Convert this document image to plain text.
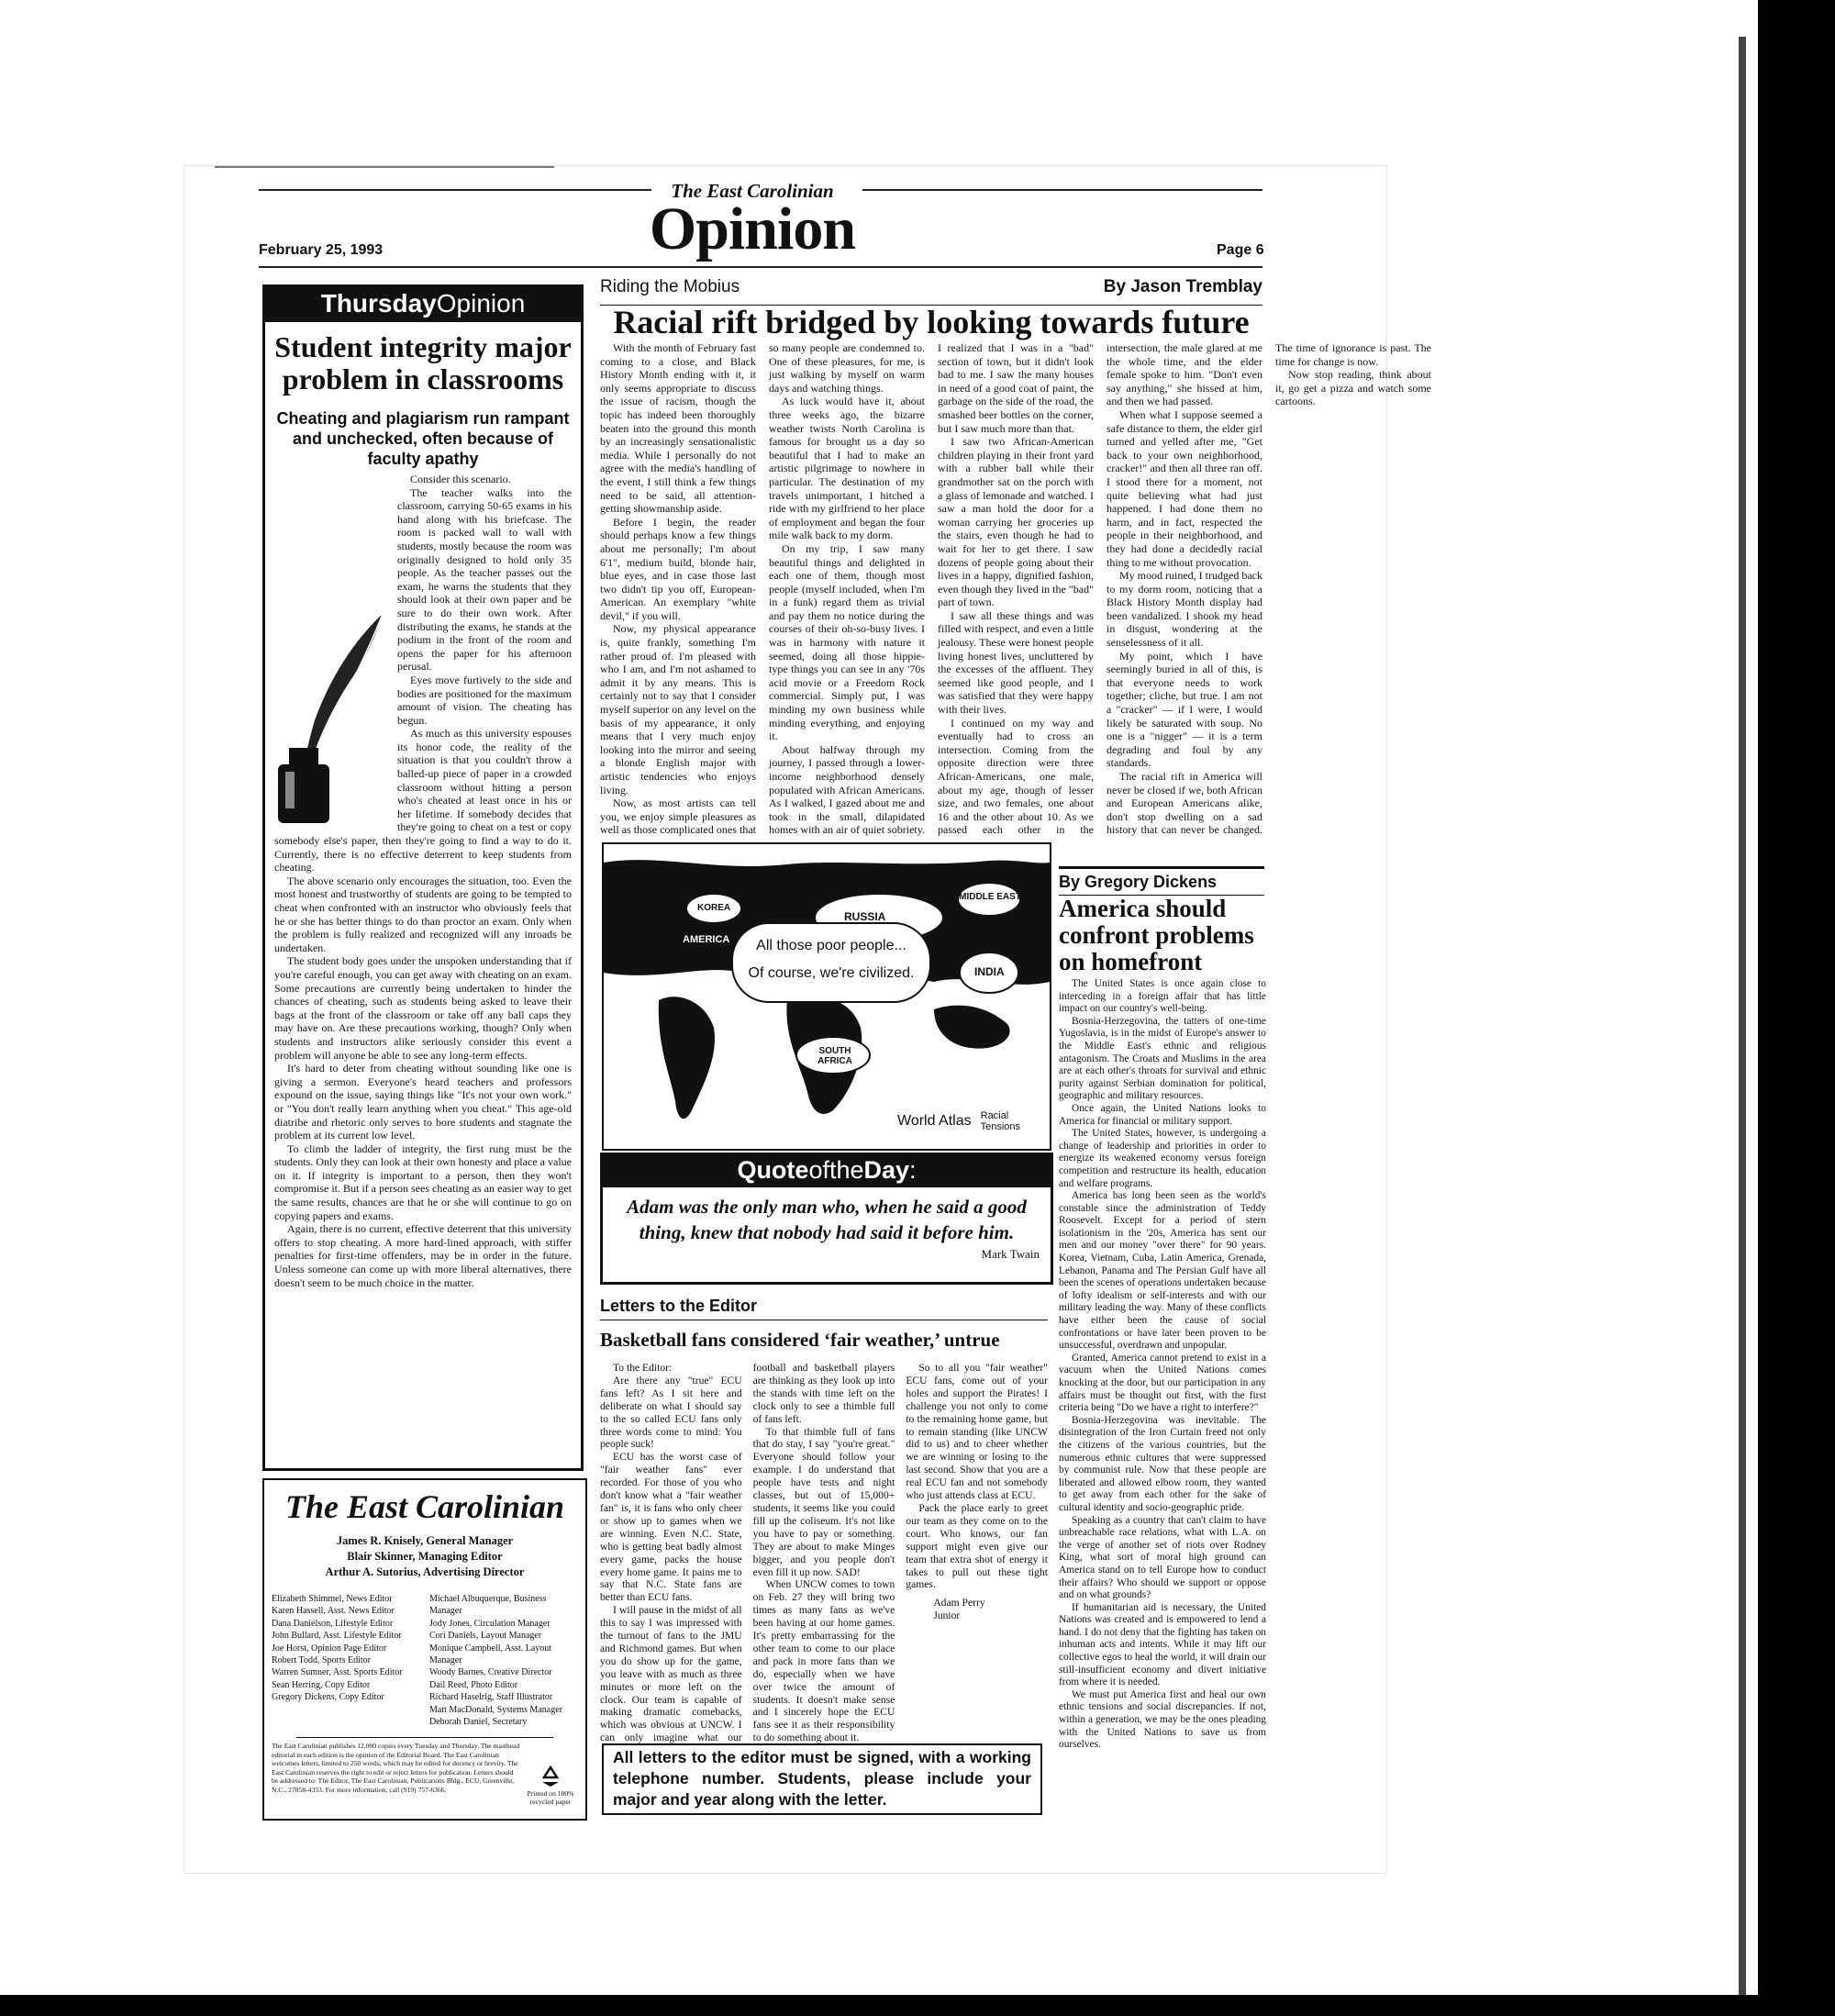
The East Carolinian
Opinion
February 25, 1993	Page 6
ThursdayOpinion
Student integrity major problem in classrooms
Cheating and plagiarism run rampant and unchecked, often because of faculty apathy

Consider this scenario.

The teacher walks into the classroom, carrying 50-65 exams in his hand along with his briefcase. The room is packed wall to wall with students, mostly because the room was originally designed to hold only 35 people. As the teacher passes out the exam, he warns the students that they should look at their own paper and be sure to do their own work. After distributing the exams, he stands at the podium in the front of the room and opens the paper for his afternoon perusal.

Eyes move furtively to the side and bodies are positioned for the maximum amount of vision. The cheating has begun.

As much as this university espouses its honor code, the reality of the situation is that you couldn't throw a balled-up piece of paper in a crowded classroom without hitting a person who's cheated at least once in his or her lifetime. If somebody decides that they're going to cheat on a test or copy somebody else's paper, then they're going to find a way to do it. Currently, there is no effective deterrent to keep students from cheating.

The above scenario only encourages the situation, too. Even the most honest and trustworthy of students are going to be tempted to cheat when confronted with an instructor who obviously feels that he or she has better things to do than proctor an exam. Only when the problem is fully realized and recognized will any inroads be undertaken.

The student body goes under the unspoken understanding that if you're careful enough, you can get away with cheating on an exam. Some precautions are currently being undertaken to hinder the chances of cheating, such as students being asked to leave their bags at the front of the classroom or take off any ball caps they may have on. Are these precautions working, though? Only when students and instructors alike seriously consider this event a problem will anyone be able to see any long-term effects.

It's hard to deter from cheating without sounding like one is giving a sermon. Everyone's heard teachers and professors expound on the issue, saying things like "It's not your own work." or "You don't really learn anything when you cheat." This age-old diatribe and rhetoric only serves to bore students and stagnate the problem at its current low level.

To climb the ladder of integrity, the first rung must be the students. Only they can look at their own honesty and place a value on it. If integrity is important to a person, then they won't compromise it. But if a person sees cheating as an easier way to get the same results, chances are that he or she will continue to go on copying papers and exams.

Again, there is no current, effective deterrent that this university offers to stop cheating. A more hard-lined approach, with stiffer penalties for first-time offenders, may be in order in the future. Unless someone can come up with more liberal alternatives, there doesn't seem to be much choice in the matter.

The East Carolinian
James R. Knisely, General Manager
Blair Skinner, Managing Editor
Arthur A. Sutorius, Advertising Director
Elizabeth Shimmel, News Editor
Karen Hassell, Asst. News Editor
Dana Danielson, Lifestyle Editor
John Bullard, Asst. Lifestyle Editor
Joe Horst, Opinion Page Editor
Robert Todd, Sports Editor
Warren Sumner, Asst. Sports Editor
Sean Herring, Copy Editor
Gregory Dickens, Copy Editor
Michael Albuquerque, Business Manager
Jody Jones, Circulation Manager
Cori Daniels, Layout Manager
Monique Campbell, Asst. Layout Manager
Woody Barnes, Creative Director
Dail Reed, Photo Editor
Richard Haselrig, Staff Illustrator
Matt MacDonald, Systems Manager
Deborah Daniel, Secretary
The East Carolinian publishes 12,000 copies every Tuesday and Thursday. The masthead editorial in each edition is the opinion of the Editorial Board. The East Carolinian welcomes letters, limited to 250 words, which may be edited for decency or brevity. The East Carolinian reserves the right to edit or reject letters for publication. Letters should be addressed to: The Editor, The East Carolinian, Publications Bldg., ECU, Greenville, N.C., 27858-4353. For more information, call (919) 757-6366.	Printed on 100% recycled paper
Riding the Mobius	By Jason Tremblay
Racial rift bridged by looking towards future

With the month of February fast coming to a close, and Black History Month ending with it, it only seems appropriate to discuss the issue of racism, though the topic has indeed been thoroughly beaten into the ground this month by an increasingly sensationalistic media. While I personally do not agree with the media's handling of the event, I still think a few things need to be said, all attention-getting showmanship aside.

Before I begin, the reader should perhaps know a few things about me personally; I'm about 6'1", medium build, blonde hair, blue eyes, and in case those last two didn't tip you off, European-American. An exemplary "white devil," if you will.

Now, my physical appearance is, quite frankly, something I'm rather proud of. I'm pleased with who I am, and I'm not ashamed to admit it by any means. This is certainly not to say that I consider myself superior on any level on the basis of my appearance, it only means that I very much enjoy looking into the mirror and seeing a blonde English major with artistic tendencies who enjoys living.

Now, as most artists can tell you, we enjoy simple pleasures as well as those complicated ones that so many people are condemned to. One of these pleasures, for me, is just walking by myself on warm days and watching things.

As luck would have it, about three weeks ago, the bizarre weather twists North Carolina is famous for brought us a day so beautiful that I had to make an artistic pilgrimage to nowhere in particular. The destination of my travels unimportant, I hitched a ride with my girlfriend to her place of employment and began the four mile walk back to my dorm.

On my trip, I saw many beautiful things and delighted in each one of them, though most people (myself included, when I'm in a funk) regard them as trivial and pay them no notice during the courses of their oh-so-busy lives. I was in harmony with nature it seemed, doing all those hippie-type things you can see in any '70s acid movie or a Freedom Rock commercial. Simply put, I was minding my own business while minding everything, and enjoying it.

About halfway through my journey, I passed through a lower-income neighborhood densely populated with African Americans. As I walked, I gazed about me and took in the small, dilapidated homes with an air of quiet sobriety. I realized that I was in a "bad" section of town, but it didn't look bad to me. I saw the many houses in need of a good coat of paint, the garbage on the side of the road, the smashed beer bottles on the corner, but I saw much more than that.

I saw two African-American children playing in their front yard with a rubber ball while their grandmother sat on the porch with a glass of lemonade and watched. I saw a man hold the door for a woman carrying her groceries up the stairs, even though he had to wait for her to get there. I saw dozens of people going about their lives in a happy, dignified fashion, even though they lived in the "bad" part of town.

I saw all these things and was filled with respect, and even a little jealousy. These were honest people living honest lives, uncluttered by the excesses of the affluent. They seemed like good people, and I was satisfied that they were happy with their lives.

I continued on my way and eventually had to cross an intersection. Coming from the opposite direction were three African-Americans, one male, about my age, though of lesser size, and two females, one about 16 and the other about 10. As we passed each other in the intersection, the male glared at me the whole time, and the elder female spoke to him. "Don't even say anything," she hissed at him, and then we had passed.

When what I suppose seemed a safe distance to them, the elder girl turned and yelled after me, "Get back to your own neighborhood, cracker!" and then all three ran off. I stood there for a moment, not quite believing what had just happened. I had done them no harm, and in fact, respected the people in their neighborhood, and they had done a decidedly racial thing to me without provocation.

My mood ruined, I trudged back to my dorm room, noticing that a Black History Month display had been vandalized. I shook my head in disgust, wondering at the senselessness of it all.

My point, which I have seemingly buried in all of this, is that everyone needs to work together; cliche, but true. I am not a "cracker" — if I were, I would likely be saturated with soup. No one is a "nigger" — it is a term degrading and foul by any standards.

The racial rift in America will never be closed if we, both African and European Americans alike, don't stop dwelling on a sad history that can never be changed. The time of ignorance is past. The time for change is now.

Now stop reading, think about it, go get a pizza and watch some cartoons.

AMERICA
KOREA
RUSSIA
MIDDLE EAST
INDIA
SOUTH AFRICA
All those poor people...
Of course, we're civilized.
World Atlas Racial Tensions
QuoteoftheDay:
Adam was the only man who, when he said a good thing, knew that nobody had said it before him.
Mark Twain
Letters to the Editor
Basketball fans considered ‘fair weather,’ untrue

To the Editor:

Are there any "true" ECU fans left? As I sit here and deliberate on what I should say to the so called ECU fans only three words come to mind: You people suck!

ECU has the worst case of "fair weather fans" ever recorded. For those of you who don't know what a "fair weather fan" is, it is fans who only cheer or show up to games when we are winning. Even N.C. State, who is getting beat badly almost every game, packs the house every home game. It pains me to say that N.C. State fans are better than ECU fans.

I will pause in the midst of all this to say I was impressed with the turnout of fans to the JMU and Richmond games. But when you do show up for the game, you leave with as much as three minutes or more left on the clock. Our team is capable of making dramatic comebacks, which was obvious at UNCW. I can only imagine what our football and basketball players are thinking as they look up into the stands with time left on the clock only to see a thimble full of fans left.

To that thimble full of fans that do stay, I say "you're great." Everyone should follow your example. I do understand that people have tests and night classes, but out of 15,000+ students, it seems like you could fill up the coliseum. It's not like you have to pay or something. They are about to make Minges bigger, and you people don't even fill it up now. SAD!

When UNCW comes to town on Feb. 27 they will bring two times as many fans as we've been having at our home games. It's pretty embarrassing for the other team to come to our place and pack in more fans than we do, especially when we have over twice the amount of students. It doesn't make sense and I sincerely hope the ECU fans see it as their responsibility to do something about it.

So to all you "fair weather" ECU fans, come out of your holes and support the Pirates! I challenge you not only to come to the remaining home game, but to remain standing (like UNCW did to us) and to cheer whether we are winning or losing to the last second. Show that you are a real ECU fan and not somebody who just attends class at ECU.

Pack the place early to greet our team as they come on to the court. Who knows, our fan support might even give our team that extra shot of energy it takes to pull out these tight games.

Adam Perry

Junior

All letters to the editor must be signed, with a working telephone number. Students, please include your major and year along with the letter.
By Gregory Dickens
America should confront problems on homefront

The United States is once again close to interceding in a foreign affair that has little impact on our country's well-being.

Bosnia-Herzegovina, the tatters of one-time Yugoslavia, is in the midst of Europe's answer to the Middle East's ethnic and religious antagonism. The Croats and Muslims in the area are at each other's throats for survival and ethnic purity against Serbian domination for political, geographic and military resources.

Once again, the United Nations looks to America for financial or military support.

The United States, however, is undergoing a change of leadership and priorities in order to energize its weakened economy versus foreign competition and restructure its health, education and welfare programs.

America has long been seen as the world's constable since the administration of Teddy Roosevelt. Except for a period of stern isolationism in the '20s, America has sent our men and our money "over there" for 90 years. Korea, Vietnam, Cuba, Latin America, Grenada, Lebanon, Panama and The Persian Gulf have all been the scenes of operations undertaken because of lofty idealism or self-interests and with our military leading the way. Many of these conflicts have either been the cause of social confrontations or have later been proven to be unsuccessful, overdrawn and unpopular.

Granted, America cannot pretend to exist in a vacuum when the United Nations comes knocking at the door, but our participation in any affairs must be thought out first, with the first criteria being "Do we have a right to interfere?"

Bosnia-Herzegovina was inevitable. The disintegration of the Iron Curtain freed not only the citizens of the various countries, but the numerous ethnic cultures that were suppressed by communist rule. Now that these people are liberated and allowed elbow room, they wanted to get away from each other for the sake of cultural identity and socio-geographic pride.

Speaking as a country that can't claim to have unbreachable race relations, what with L.A. on the verge of another set of riots over Rodney King, what sort of moral high ground can America stand on to tell Europe how to conduct their affairs? Who should we support or oppose and on what grounds?

If humanitarian aid is necessary, the United Nations was created and is empowered to lend a hand. I do not deny that the fighting has taken on inhuman acts and intents. While it may lift our collective egos to heal the world, it will drain our still-insufficient economy and divert initiative from where it is needed.

We must put America first and heal our own ethnic tensions and social discrepancies. If not, within a generation, we may be the ones pleading with the United Nations to save us from ourselves.
